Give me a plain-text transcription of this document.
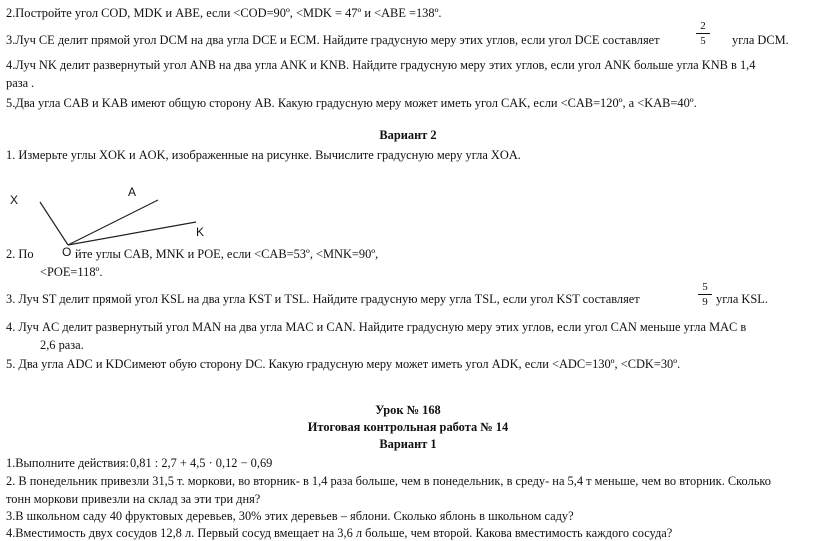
2.Постройте угол COD, MDK и ABE, если <COD=90º, <MDK = 47º и <ABE =138º.
3.Луч CE делит прямой угол DCM на два угла DCE и ECM. Найдите градусную меру этих углов, если угол DCE составляет
2
5	угла DCM.
4.Луч NK делит развернутый угол ANB на два угла ANK и KNB. Найдите градусную меру этих углов, если угол ANK больше угла KNB в 1,4
раза .
5.Два угла CAB и KAB имеют общую сторону AB. Какую градусную меру может иметь угол CAK, если <CAB=120º, а <KAB=40º.
Вариант 2
1. Измерьте углы XOK и AOK, изображенные на рисунке. Вычислите градусную меру угла XOA.
X
A
K
2. По O йте углы CAB, MNK и POE, если <CAB=53º, <MNK=90º,
<POE=118º.
3. Луч ST делит прямой угол KSL на два угла KST и TSL. Найдите градусную меру угла TSL, если угол KST составляет
5
9 угла KSL.
4. Луч AC делит развернутый угол MAN на два угла MAC и CAN. Найдите градусную меру этих углов, если угол CAN меньше угла MAC в
2,6 раза.
5. Два угла ADC и KDCимеют обую сторону DC. Какую градусную меру может иметь угол ADK, если <ADC=130º, <CDK=30º.
Урок № 168
Итоговая контрольная работа № 14
Вариант 1
1.Выполните действия: 0,81 : 2,7 + 4,5 · 0,12 − 0,69
2. В понедельник привезли 31,5 т. моркови, во вторник- в 1,4 раза больше, чем в понедельник, в среду- на 5,4 т меньше, чем во вторник. Сколько
тонн моркови привезли на склад за эти три дня?
3.В школьном саду 40 фруктовых деревьев, 30% этих деревьев – яблони. Сколько яблонь в школьном саду?
4.Вместимость двух сосудов 12,8 л. Первый сосуд вмещает на 3,6 л больше, чем второй. Какова вместимость каждого сосуда?
